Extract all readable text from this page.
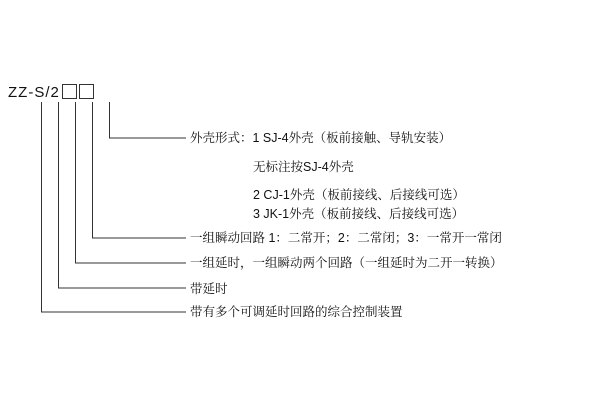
ZZ-S/2
外壳形式：1 SJ-4外壳（板前接触、导轨安装）
无标注按SJ-4外壳
2 CJ-1外壳（板前接线、后接线可选）
3 JK-1外壳（板前接线、后接线可选）
一组瞬动回路 1：二常开；2：二常闭；3：一常开一常闭
一组延时，一组瞬动两个回路（一组延时为二开一转换）
带延时
带有多个可调延时回路的综合控制装置
